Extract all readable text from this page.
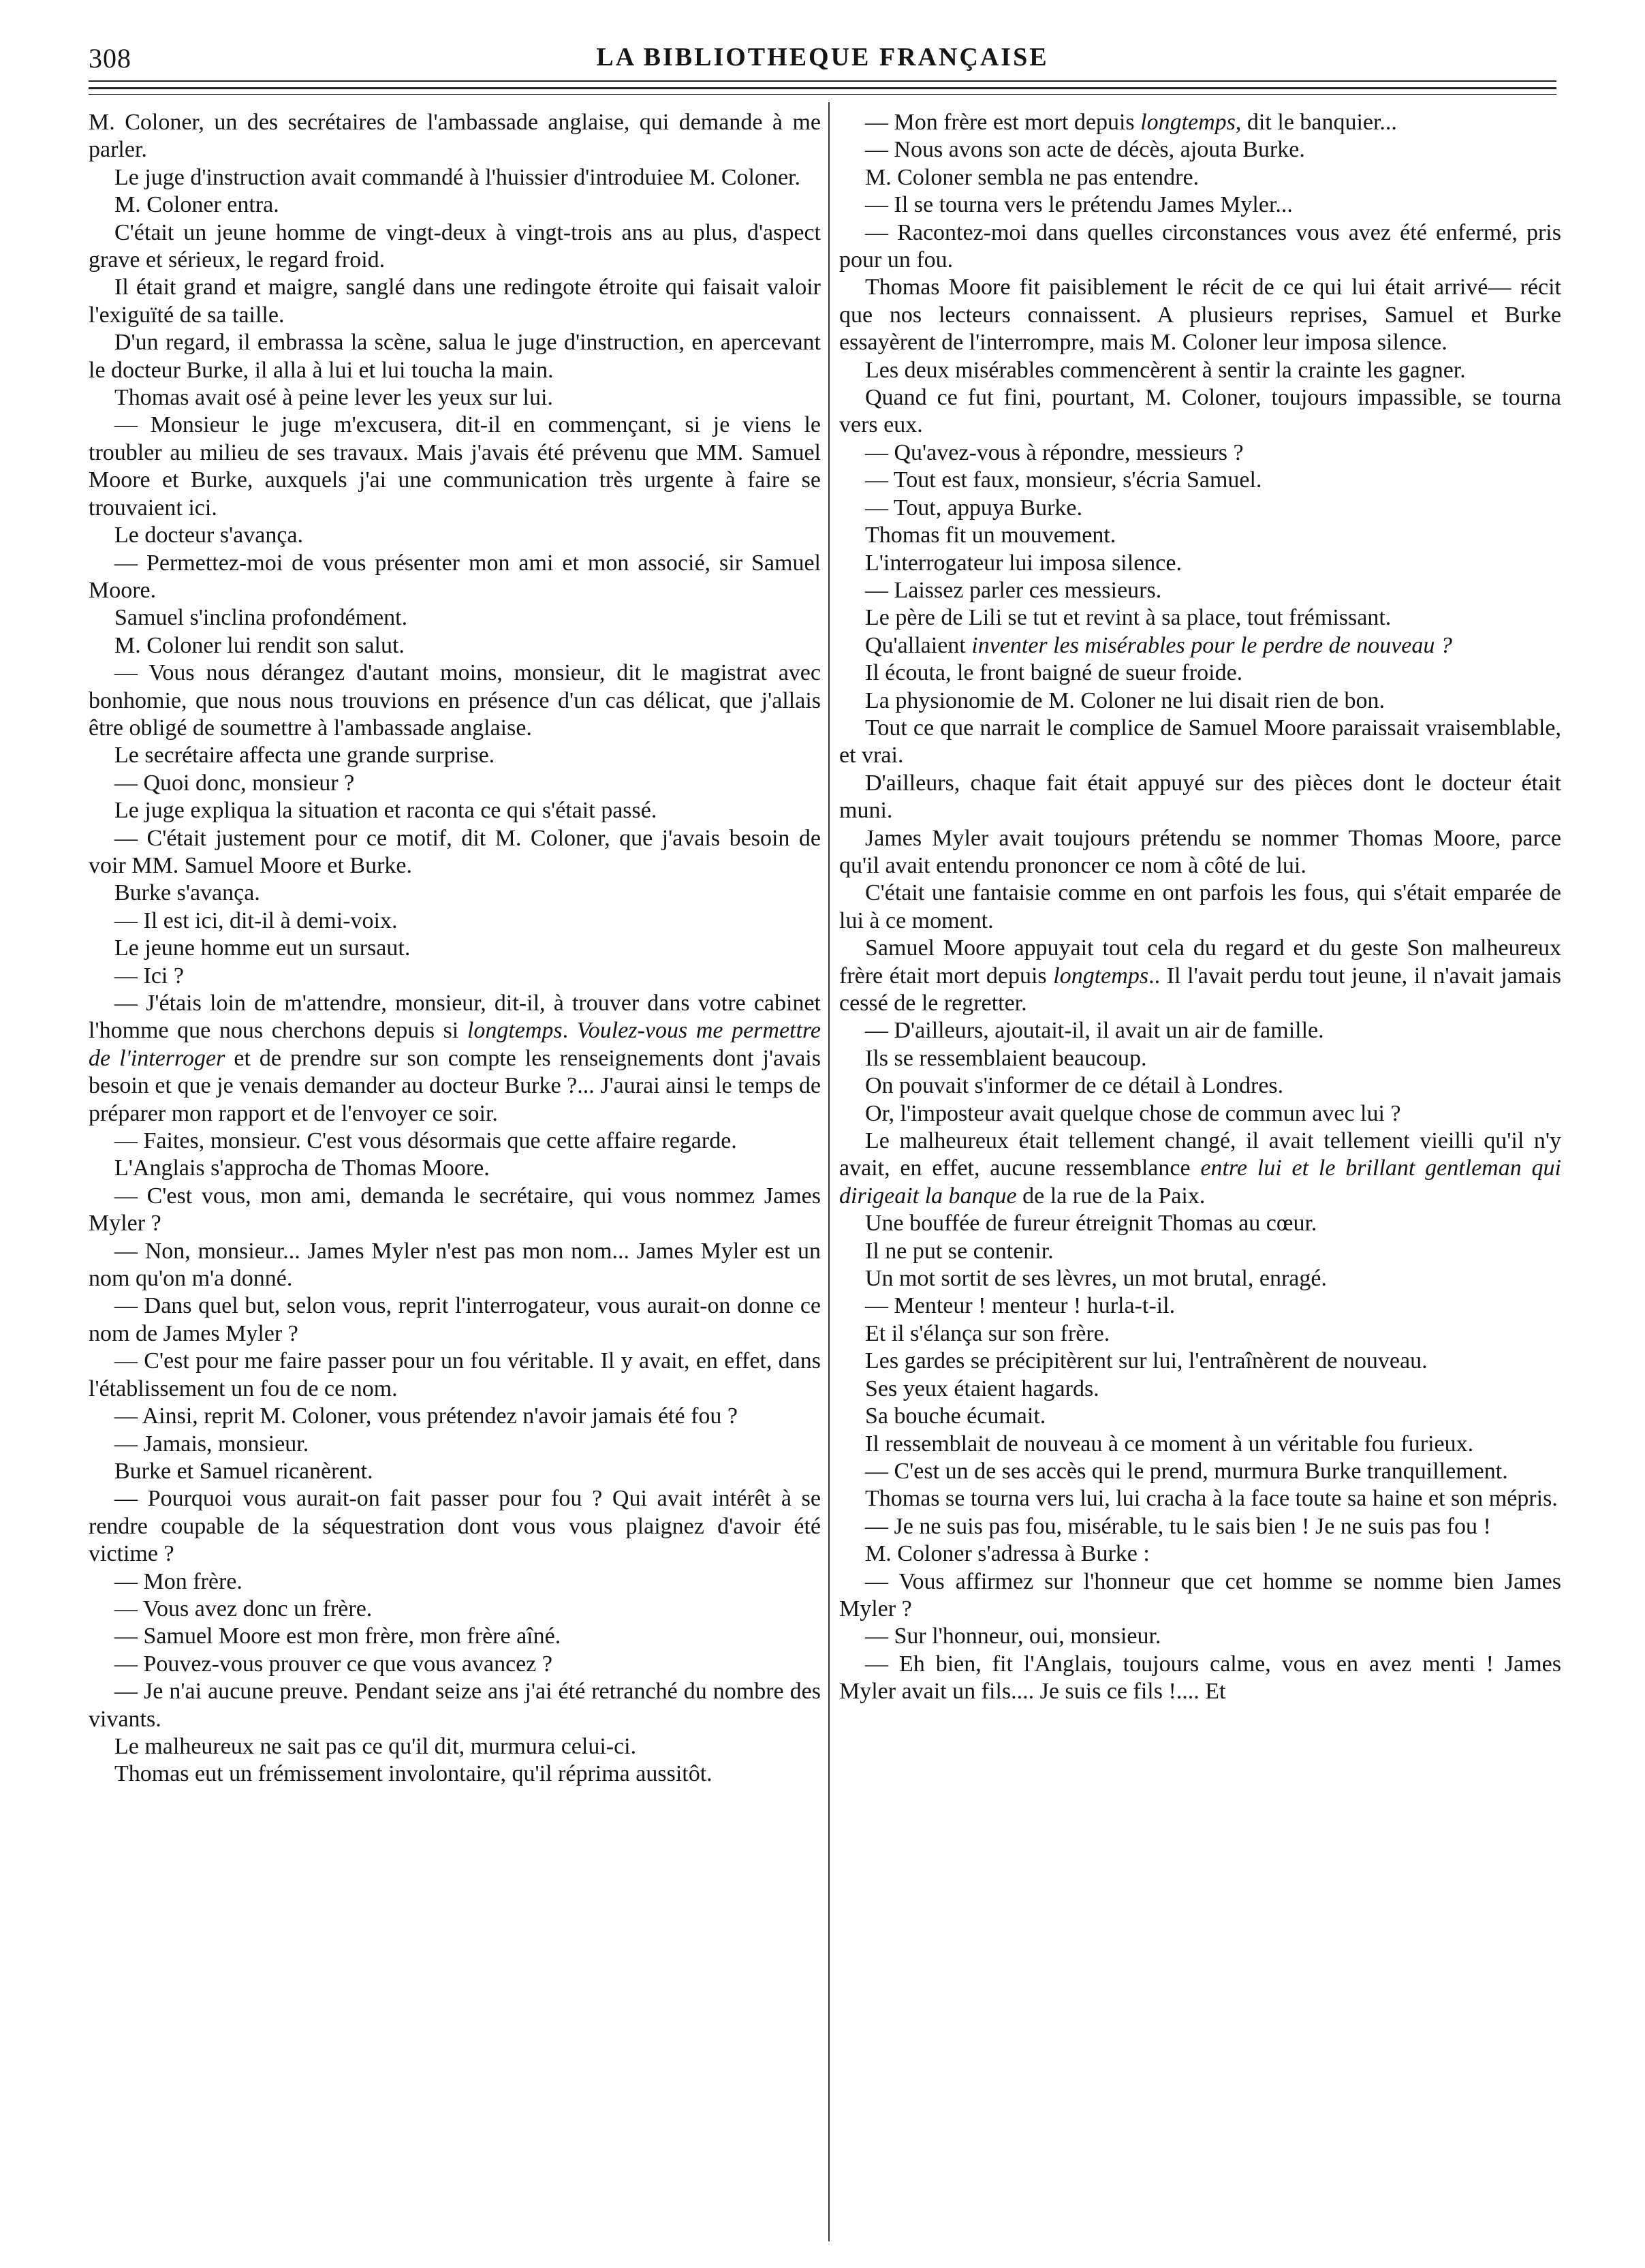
308	LA BIBLIOTHEQUE FRANÇAISE

M. Coloner, un des secrétaires de l'ambassade anglaise, qui demande à me parler.

Le juge d'instruction avait commandé à l'huissier d'introduiee M. Coloner.

M. Coloner entra.

C'était un jeune homme de vingt-deux à vingt-trois ans au plus, d'aspect grave et sérieux, le regard froid.

Il était grand et maigre, sanglé dans une redingote étroite qui faisait valoir l'exiguïté de sa taille.

D'un regard, il embrassa la scène, salua le juge d'instruction, en apercevant le docteur Burke, il alla à lui et lui toucha la main.

Thomas avait osé à peine lever les yeux sur lui.

— Monsieur le juge m'excusera, dit-il en commençant, si je viens le troubler au milieu de ses travaux. Mais j'avais été prévenu que MM. Samuel Moore et Burke, auxquels j'ai une communication très urgente à faire se trouvaient ici.

Le docteur s'avança.

— Permettez-moi de vous présenter mon ami et mon associé, sir Samuel Moore.

Samuel s'inclina profondément.

M. Coloner lui rendit son salut.

— Vous nous dérangez d'autant moins, monsieur, dit le magistrat avec bonhomie, que nous nous trouvions en présence d'un cas délicat, que j'allais être obligé de soumettre à l'ambassade anglaise.

Le secrétaire affecta une grande surprise.

— Quoi donc, monsieur ?

Le juge expliqua la situation et raconta ce qui s'était passé.

— C'était justement pour ce motif, dit M. Coloner, que j'avais besoin de voir MM. Samuel Moore et Burke.

Burke s'avança.

— Il est ici, dit-il à demi-voix.

Le jeune homme eut un sursaut.

— Ici ?

— J'étais loin de m'attendre, monsieur, dit-il, à trouver dans votre cabinet l'homme que nous cherchons depuis si longtemps. Voulez-vous me permettre de l'interroger et de prendre sur son compte les renseignements dont j'avais besoin et que je venais demander au docteur Burke ?... J'aurai ainsi le temps de préparer mon rapport et de l'envoyer ce soir.

— Faites, monsieur. C'est vous désormais que cette affaire regarde.

L'Anglais s'approcha de Thomas Moore.

— C'est vous, mon ami, demanda le secrétaire, qui vous nommez James Myler ?

— Non, monsieur... James Myler n'est pas mon nom... James Myler est un nom qu'on m'a donné.

— Dans quel but, selon vous, reprit l'interrogateur, vous aurait-on donne ce nom de James Myler ?

— C'est pour me faire passer pour un fou véritable. Il y avait, en effet, dans l'établissement un fou de ce nom.

— Ainsi, reprit M. Coloner, vous prétendez n'avoir jamais été fou ?

— Jamais, monsieur.

Burke et Samuel ricanèrent.

— Pourquoi vous aurait-on fait passer pour fou ? Qui avait intérêt à se rendre coupable de la séquestration dont vous vous plaignez d'avoir été victime ?

— Mon frère.

— Vous avez donc un frère.

— Samuel Moore est mon frère, mon frère aîné.

— Pouvez-vous prouver ce que vous avancez ?

— Je n'ai aucune preuve. Pendant seize ans j'ai été retranché du nombre des vivants.

Le malheureux ne sait pas ce qu'il dit, murmura celui-ci.

Thomas eut un frémissement involontaire, qu'il réprima aussitôt.

— Mon frère est mort depuis longtemps, dit le banquier...

— Nous avons son acte de décès, ajouta Burke.

M. Coloner sembla ne pas entendre.

— Il se tourna vers le prétendu James Myler...

— Racontez-moi dans quelles circonstances vous avez été enfermé, pris pour un fou.

Thomas Moore fit paisiblement le récit de ce qui lui était arrivé— récit que nos lecteurs connaissent. A plusieurs reprises, Samuel et Burke essayèrent de l'interrompre, mais M. Coloner leur imposa silence.

Les deux misérables commencèrent à sentir la crainte les gagner.

Quand ce fut fini, pourtant, M. Coloner, toujours impassible, se tourna vers eux.

— Qu'avez-vous à répondre, messieurs ?

— Tout est faux, monsieur, s'écria Samuel.

— Tout, appuya Burke.

Thomas fit un mouvement.

L'interrogateur lui imposa silence.

— Laissez parler ces messieurs.

Le père de Lili se tut et revint à sa place, tout frémissant.

Qu'allaient inventer les misérables pour le perdre de nouveau ?

Il écouta, le front baigné de sueur froide.

La physionomie de M. Coloner ne lui disait rien de bon.

Tout ce que narrait le complice de Samuel Moore paraissait vraisemblable, et vrai.

D'ailleurs, chaque fait était appuyé sur des pièces dont le docteur était muni.

James Myler avait toujours prétendu se nommer Thomas Moore, parce qu'il avait entendu prononcer ce nom à côté de lui.

C'était une fantaisie comme en ont parfois les fous, qui s'était emparée de lui à ce moment.

Samuel Moore appuyait tout cela du regard et du geste Son malheureux frère était mort depuis longtemps.. Il l'avait perdu tout jeune, il n'avait jamais cessé de le regretter.

— D'ailleurs, ajoutait-il, il avait un air de famille.

Ils se ressemblaient beaucoup.

On pouvait s'informer de ce détail à Londres.

Or, l'imposteur avait quelque chose de commun avec lui ?

Le malheureux était tellement changé, il avait tellement vieilli qu'il n'y avait, en effet, aucune ressemblance entre lui et le brillant gentleman qui dirigeait la banque de la rue de la Paix.

Une bouffée de fureur étreignit Thomas au cœur.

Il ne put se contenir.

Un mot sortit de ses lèvres, un mot brutal, enragé.

— Menteur ! menteur ! hurla-t-il.

Et il s'élança sur son frère.

Les gardes se précipitèrent sur lui, l'entraînèrent de nouveau.

Ses yeux étaient hagards.

Sa bouche écumait.

Il ressemblait de nouveau à ce moment à un véritable fou furieux.

— C'est un de ses accès qui le prend, murmura Burke tranquillement.

Thomas se tourna vers lui, lui cracha à la face toute sa haine et son mépris.

— Je ne suis pas fou, misérable, tu le sais bien ! Je ne suis pas fou !

M. Coloner s'adressa à Burke :

— Vous affirmez sur l'honneur que cet homme se nomme bien James Myler ?

— Sur l'honneur, oui, monsieur.

— Eh bien, fit l'Anglais, toujours calme, vous en avez menti ! James Myler avait un fils.... Je suis ce fils !.... Et
